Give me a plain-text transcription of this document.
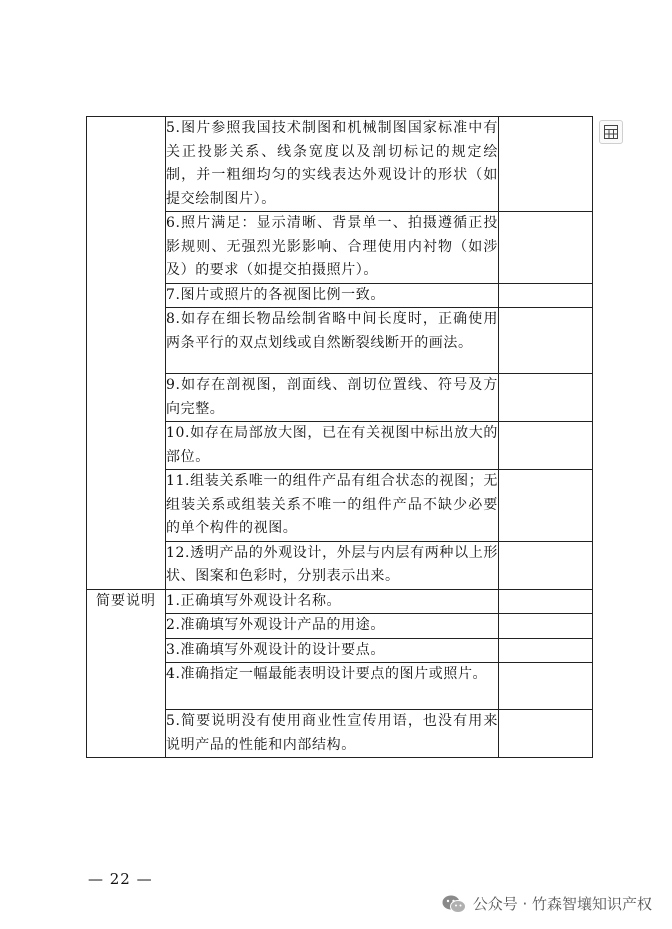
	5.图片参照我国技术制图和机械制图国家标准中有关正投影关系、线条宽度以及剖切标记的规定绘制，并一粗细均匀的实线表达外观设计的形状（如提交绘制图片）。	
	6.照片满足：显示清晰、背景单一、拍摄遵循正投影规则、无强烈光影影响、合理使用内衬物（如涉及）的要求（如提交拍摄照片）。	
	7.图片或照片的各视图比例一致。	
	8.如存在细长物品绘制省略中间长度时，正确使用两条平行的双点划线或自然断裂线断开的画法。	
	9.如存在剖视图，剖面线、剖切位置线、符号及方向完整。	
	10.如存在局部放大图，已在有关视图中标出放大的部位。	
	11.组装关系唯一的组件产品有组合状态的视图；无组装关系或组装关系不唯一的组件产品不缺少必要的单个构件的视图。	
	12.透明产品的外观设计，外层与内层有两种以上形状、图案和色彩时，分别表示出来。	
简要说明	1.正确填写外观设计名称。	
	2.准确填写外观设计产品的用途。	
	3.准确填写外观设计的设计要点。	
	4.准确指定一幅最能表明设计要点的图片或照片。	
	5.简要说明没有使用商业性宣传用语，也没有用来说明产品的性能和内部结构。	
— 22 —
公众号 · 竹森智壤知识产权
